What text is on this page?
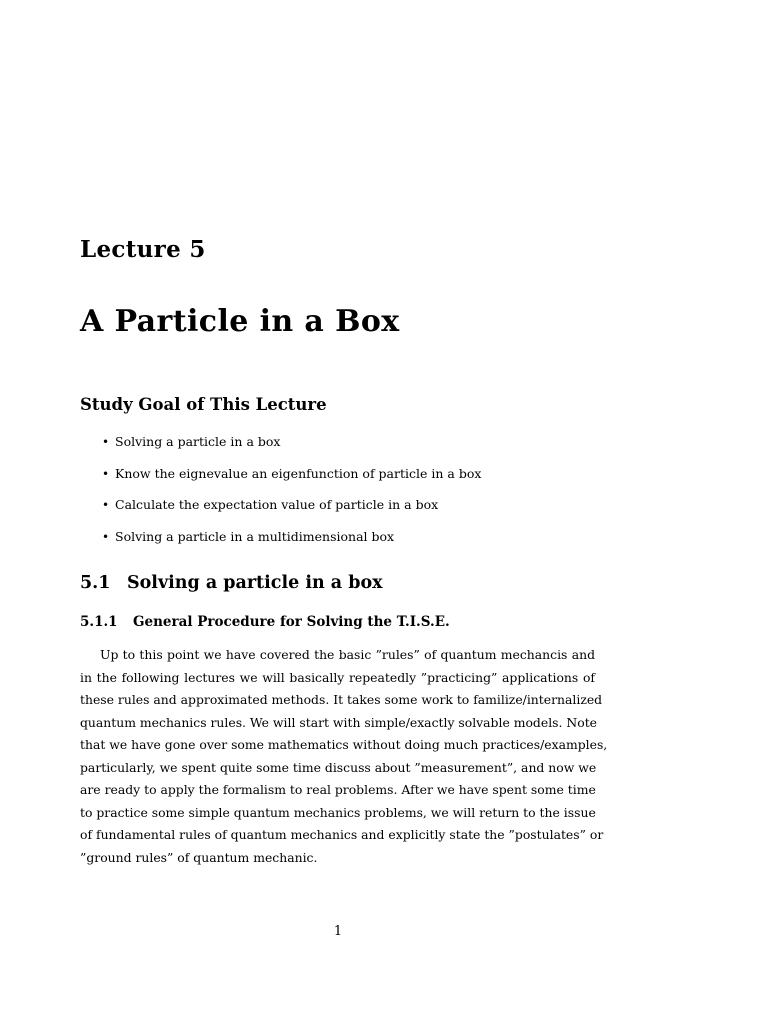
Lecture 5
A Particle in a Box
Study Goal of This Lecture
• Solving a particle in a box
• Know the eignevalue an eigenfunction of particle in a box
• Calculate the expectation value of particle in a box
• Solving a particle in a multidimensional box
5.1 Solving a particle in a box
5.1.1 General Procedure for Solving the T.I.S.E.
Up to this point we have covered the basic ”rules” of quantum mechancis and
in the following lectures we will basically repeatedly ”practicing” applications of
these rules and approximated methods. It takes some work to familize/internalized
quantum mechanics rules. We will start with simple/exactly solvable models. Note
that we have gone over some mathematics without doing much practices/examples,
particularly, we spent quite some time discuss about ”measurement”, and now we
are ready to apply the formalism to real problems. After we have spent some time
to practice some simple quantum mechanics problems, we will return to the issue
of fundamental rules of quantum mechanics and explicitly state the ”postulates” or
”ground rules” of quantum mechanic.
1
